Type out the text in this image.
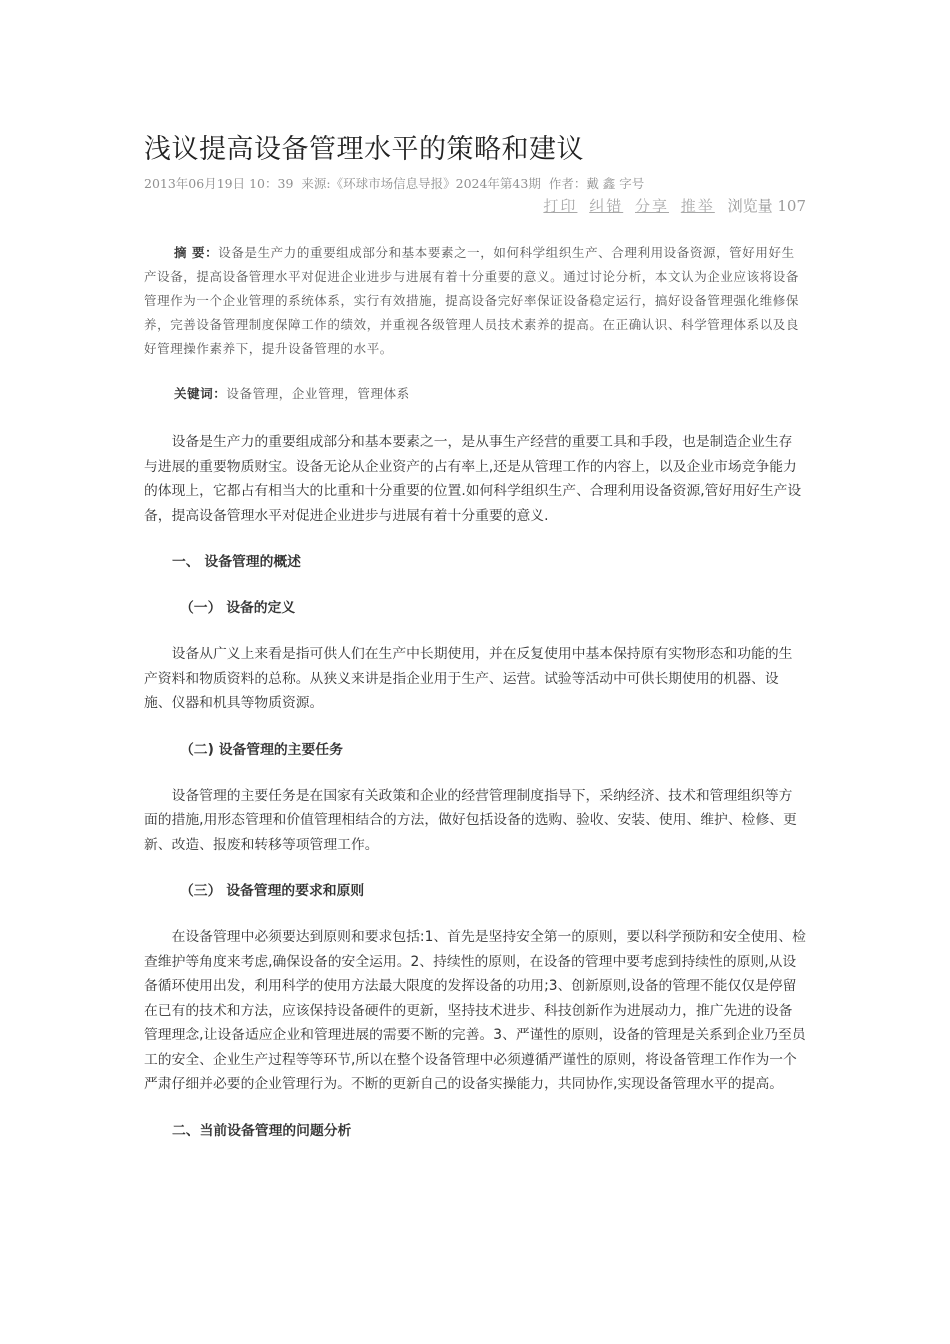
浅议提高设备管理水平的策略和建议
2013年06月19日 10：39 来源:《环球市场信息导报》2024年第43期 作者：戴 鑫 字号
打印 纠错 分享 推举 浏览量 107

摘 要：设备是生产力的重要组成部分和基本要素之一，如何科学组织生产、合理利用设备资源，管好用好生产设备，提高设备管理水平对促进企业进步与进展有着十分重要的意义。通过讨论分析，本文认为企业应该将设备管理作为一个企业管理的系统体系，实行有效措施，提高设备完好率保证设备稳定运行，搞好设备管理强化维修保养，完善设备管理制度保障工作的绩效，并重视各级管理人员技术素养的提高。在正确认识、科学管理体系以及良好管理操作素养下，提升设备管理的水平。

关键词：设备管理，企业管理，管理体系

设备是生产力的重要组成部分和基本要素之一，是从事生产经营的重要工具和手段，也是制造企业生存与进展的重要物质财宝。设备无论从企业资产的占有率上,还是从管理工作的内容上，以及企业市场竞争能力的体现上，它都占有相当大的比重和十分重要的位置.如何科学组织生产、合理利用设备资源,管好用好生产设备，提高设备管理水平对促进企业进步与进展有着十分重要的意义.

一、 设备管理的概述

（一） 设备的定义

设备从广义上来看是指可供人们在生产中长期使用，并在反复使用中基本保持原有实物形态和功能的生产资料和物质资料的总称。从狭义来讲是指企业用于生产、运营。试验等活动中可供长期使用的机器、设施、仪器和机具等物质资源。

（二) 设备管理的主要任务

设备管理的主要任务是在国家有关政策和企业的经营管理制度指导下，采纳经济、技术和管理组织等方面的措施,用形态管理和价值管理相结合的方法，做好包括设备的选购、验收、安装、使用、维护、检修、更新、改造、报废和转移等项管理工作。

（三） 设备管理的要求和原则

在设备管理中必须要达到原则和要求包括:1、首先是坚持安全第一的原则，要以科学预防和安全使用、检查维护等角度来考虑,确保设备的安全运用。2、持续性的原则，在设备的管理中要考虑到持续性的原则,从设备循环使用出发，利用科学的使用方法最大限度的发挥设备的功用;3、创新原则,设备的管理不能仅仅是停留在已有的技术和方法，应该保持设备硬件的更新，坚持技术进步、科技创新作为进展动力，推广先进的设备管理理念,让设备适应企业和管理进展的需要不断的完善。3、严谨性的原则，设备的管理是关系到企业乃至员工的安全、企业生产过程等等环节,所以在整个设备管理中必须遵循严谨性的原则，将设备管理工作作为一个严肃仔细并必要的企业管理行为。不断的更新自己的设备实操能力，共同协作,实现设备管理水平的提高。

二、当前设备管理的问题分析
